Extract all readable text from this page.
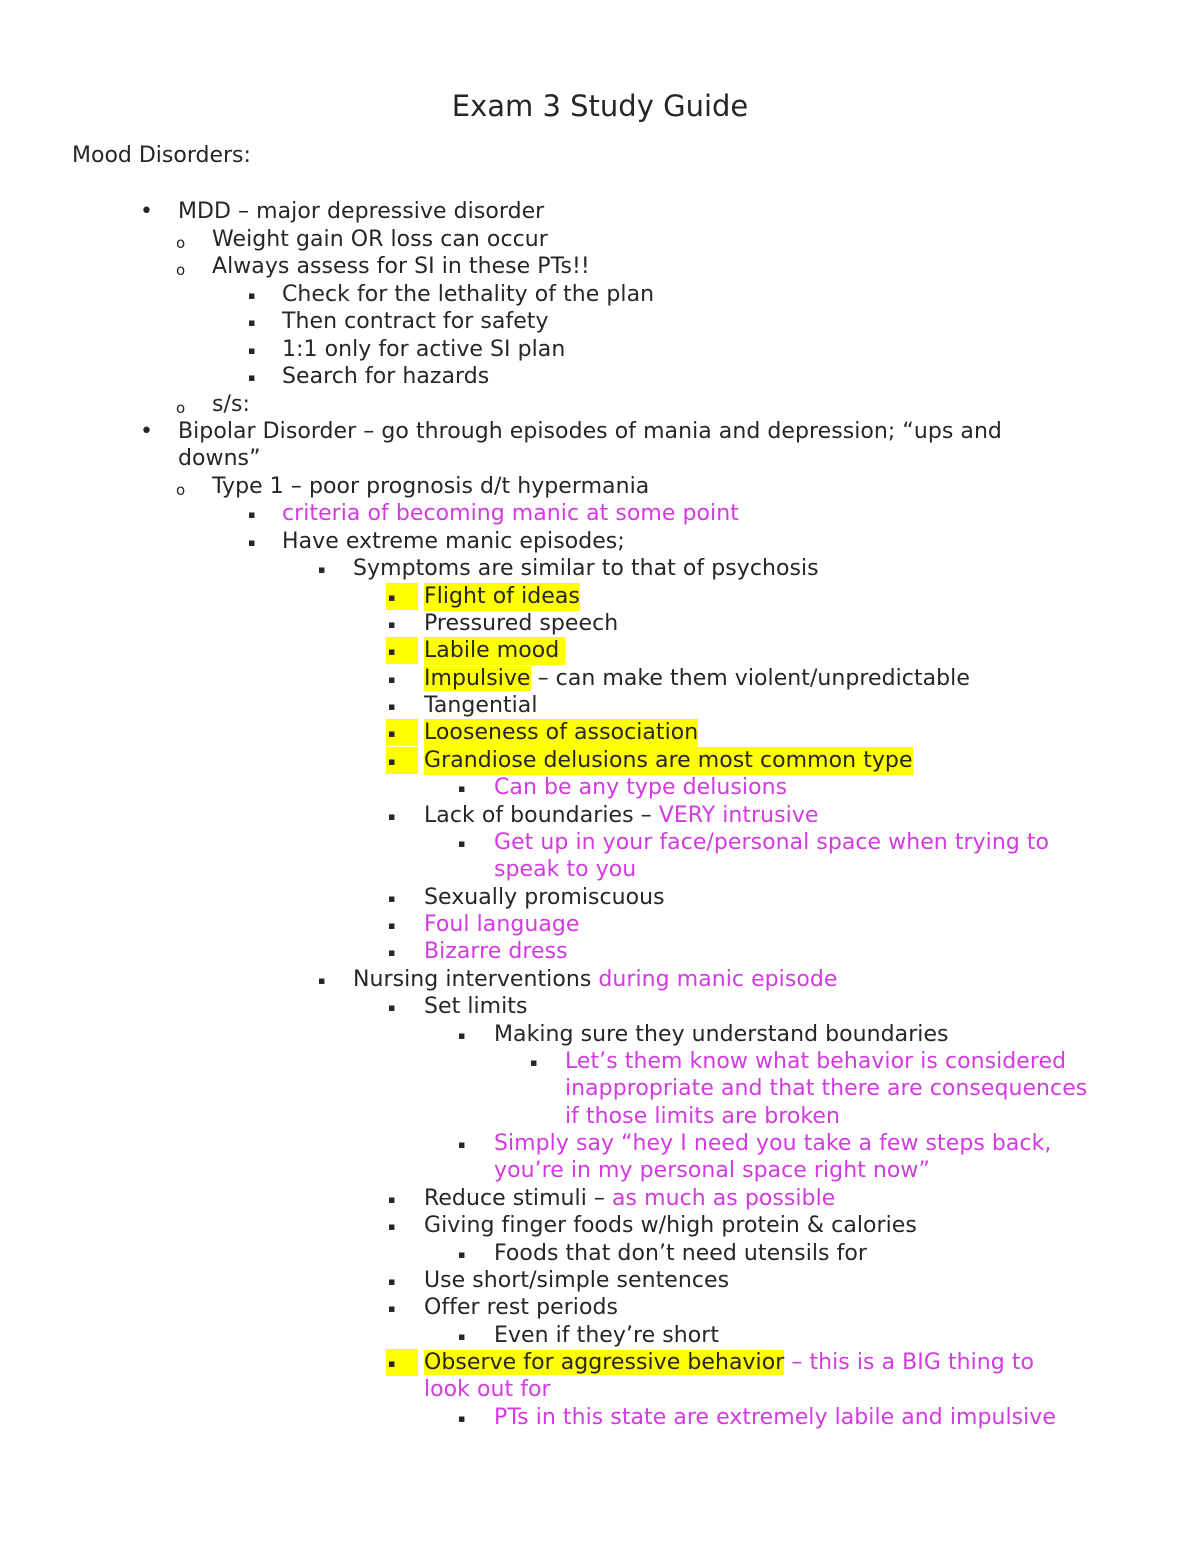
Exam 3 Study Guide
Mood Disorders:
• MDD – major depressive disorder
o Weight gain OR loss can occur
o Always assess for SI in these PTs!!
▪ Check for the lethality of the plan
▪ Then contract for safety
▪ 1:1 only for active SI plan
▪ Search for hazards
o s/s:
• Bipolar Disorder – go through episodes of mania and depression; “ups and
downs”
o Type 1 – poor prognosis d/t hypermania
▪ criteria of becoming manic at some point
▪ Have extreme manic episodes;
▪ Symptoms are similar to that of psychosis
▪ Flight of ideas
▪ Pressured speech
▪ Labile mood
▪ Impulsive – can make them violent/unpredictable
▪ Tangential
▪ Looseness of association
▪ Grandiose delusions are most common type
▪ Can be any type delusions
▪ Lack of boundaries – VERY intrusive
▪ Get up in your face/personal space when trying to
speak to you
▪ Sexually promiscuous
▪ Foul language
▪ Bizarre dress
▪ Nursing interventions during manic episode
▪ Set limits
▪ Making sure they understand boundaries
▪ Let’s them know what behavior is considered
inappropriate and that there are consequences
if those limits are broken
▪ Simply say “hey I need you take a few steps back,
you’re in my personal space right now”
▪ Reduce stimuli – as much as possible
▪ Giving finger foods w/high protein & calories
▪ Foods that don’t need utensils for
▪ Use short/simple sentences
▪ Offer rest periods
▪ Even if they’re short
▪ Observe for aggressive behavior – this is a BIG thing to
look out for
▪ PTs in this state are extremely labile and impulsive
